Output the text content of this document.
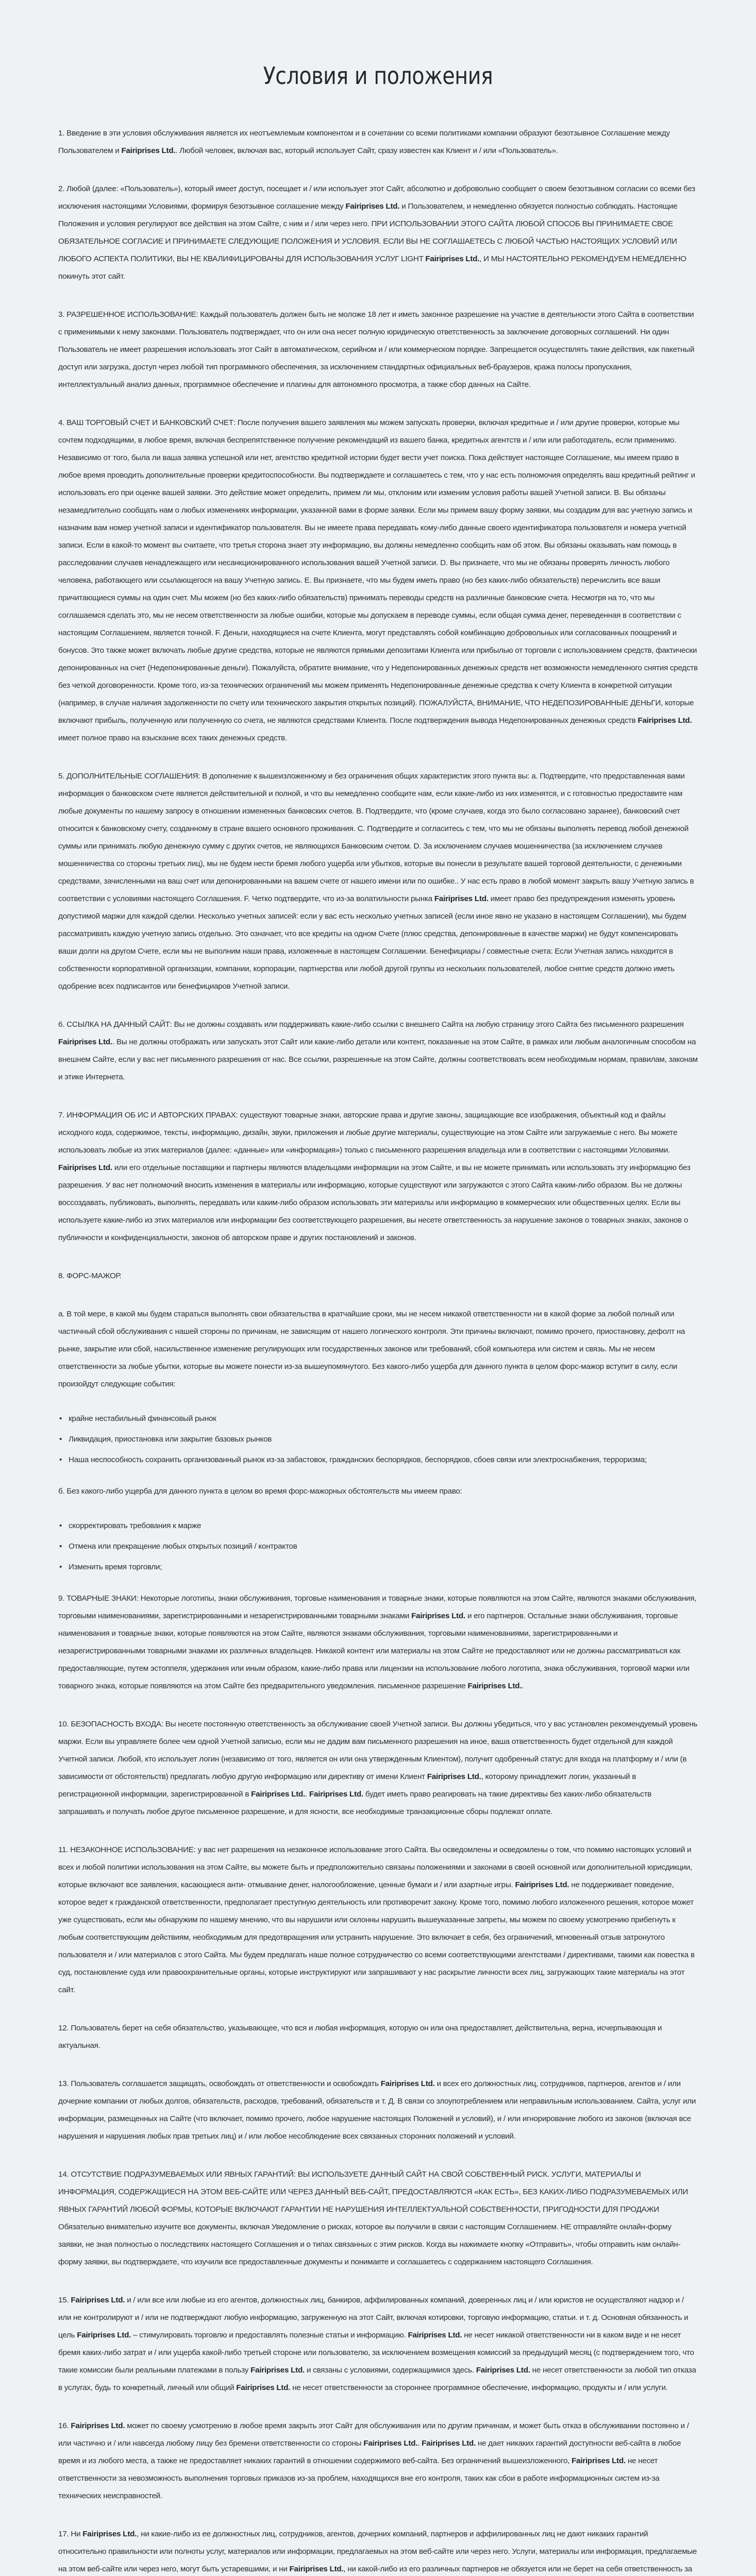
Условия и положения

1. Введение в эти условия обслуживания является их неотъемлемым компонентом и в сочетании со всеми политиками компании образуют безотзывное Соглашение между Пользователем и Fairiprises Ltd.. Любой человек, включая вас, который использует Сайт, сразу известен как Клиент и / или «Пользователь».

2. Любой (далее: «Пользователь»), который имеет доступ, посещает и / или использует этот Сайт, абсолютно и добровольно сообщает о своем безотзывном согласии со всеми без исключения настоящими Условиями, формируя безотзывное соглашение между Fairiprises Ltd. и Пользователем, и немедленно обязуется полностью соблюдать. Настоящие Положения и условия регулируют все действия на этом Сайте, с ним и / или через него. ПРИ ИСПОЛЬЗОВАНИИ ЭТОГО САЙТА ЛЮБОЙ СПОСОБ ВЫ ПРИНИМАЕТЕ СВОЕ ОБЯЗАТЕЛЬНОЕ СОГЛАСИЕ И ПРИНИМАЕТЕ СЛЕДУЮЩИЕ ПОЛОЖЕНИЯ И УСЛОВИЯ. ЕСЛИ ВЫ НЕ СОГЛАШАЕТЕСЬ С ЛЮБОЙ ЧАСТЬЮ НАСТОЯЩИХ УСЛОВИЙ ИЛИ ЛЮБОГО АСПЕКТА ПОЛИТИКИ, ВЫ НЕ КВАЛИФИЦИРОВАНЫ ДЛЯ ИСПОЛЬЗОВАНИЯ УСЛУГ LIGHT Fairiprises Ltd., И МЫ НАСТОЯТЕЛЬНО РЕКОМЕНДУЕМ НЕМЕДЛЕННО покинуть этот сайт.

3. РАЗРЕШЕННОЕ ИСПОЛЬЗОВАНИЕ: Каждый пользователь должен быть не моложе 18 лет и иметь законное разрешение на участие в деятельности этого Сайта в соответствии с применимыми к нему законами. Пользователь подтверждает, что он или она несет полную юридическую ответственность за заключение договорных соглашений. Ни один Пользователь не имеет разрешения использовать этот Сайт в автоматическом, серийном и / или коммерческом порядке. Запрещается осуществлять такие действия, как пакетный доступ или загрузка, доступ через любой тип программного обеспечения, за исключением стандартных официальных веб-браузеров, кража полосы пропускания, интеллектуальный анализ данных, программное обеспечение и плагины для автономного просмотра, а также сбор данных на Сайте.

4. ВАШ ТОРГОВЫЙ СЧЕТ И БАНКОВСКИЙ СЧЕТ: После получения вашего заявления мы можем запускать проверки, включая кредитные и / или другие проверки, которые мы сочтем подходящими, в любое время, включая беспрепятственное получение рекомендаций из вашего банка, кредитных агентств и / или или работодатель, если применимо. Независимо от того, была ли ваша заявка успешной или нет, агентство кредитной истории будет вести учет поиска. Пока действует настоящее Соглашение, мы имеем право в любое время проводить дополнительные проверки кредитоспособности. Вы подтверждаете и соглашаетесь с тем, что у нас есть полномочия определять ваш кредитный рейтинг и использовать его при оценке вашей заявки. Это действие может определить, примем ли мы, отклоним или изменим условия работы вашей Учетной записи. B. Вы обязаны незамедлительно сообщать нам о любых изменениях информации, указанной вами в форме заявки. Если мы примем вашу форму заявки, мы создадим для вас учетную запись и назначим вам номер учетной записи и идентификатор пользователя. Вы не имеете права передавать кому-либо данные своего идентификатора пользователя и номера учетной записи. Если в какой-то момент вы считаете, что третья сторона знает эту информацию, вы должны немедленно сообщить нам об этом. Вы обязаны оказывать нам помощь в расследовании случаев ненадлежащего или несанкционированного использования вашей Учетной записи. D. Вы признаете, что мы не обязаны проверять личность любого человека, работающего или ссылающегося на вашу Учетную запись. E. Вы признаете, что мы будем иметь право (но без каких-либо обязательств) перечислить все ваши причитающиеся суммы на один счет. Мы можем (но без каких-либо обязательств) принимать переводы средств на различные банковские счета. Несмотря на то, что мы соглашаемся сделать это, мы не несем ответственности за любые ошибки, которые мы допускаем в переводе суммы, если общая сумма денег, переведенная в соответствии с настоящим Соглашением, является точной. F. Деньги, находящиеся на счете Клиента, могут представлять собой комбинацию добровольных или согласованных поощрений и бонусов. Это также может включать любые другие средства, которые не являются прямыми депозитами Клиента или прибылью от торговли с использованием средств, фактически депонированных на счет (Недепонированные деньги). Пожалуйста, обратите внимание, что у Недепонированных денежных средств нет возможности немедленного снятия средств без четкой договоренности. Кроме того, из-за технических ограничений мы можем применять Недепонированные денежные средства к счету Клиента в конкретной ситуации (например, в случае наличия задолженности по счету или технического закрытия открытых позиций). ПОЖАЛУЙСТА, ВНИМАНИЕ, ЧТО НЕДЕПОЗИРОВАННЫЕ ДЕНЬГИ, которые включают прибыль, полученную или полученную со счета, не являются средствами Клиента. После подтверждения вывода Недепонированных денежных средств Fairiprises Ltd. имеет полное право на взыскание всех таких денежных средств.

5. ДОПОЛНИТЕЛЬНЫЕ СОГЛАШЕНИЯ: В дополнение к вышеизложенному и без ограничения общих характеристик этого пункта вы: a. Подтвердите, что предоставленная вами информация о банковском счете является действительной и полной, и что вы немедленно сообщите нам, если какие-либо из них изменятся, и с готовностью предоставите нам любые документы по нашему запросу в отношении измененных банковских счетов. B. Подтвердите, что (кроме случаев, когда это было согласовано заранее), банковский счет относится к банковскому счету, созданному в стране вашего основного проживания. C. Подтвердите и согласитесь с тем, что мы не обязаны выполнять перевод любой денежной суммы или принимать любую денежную сумму с других счетов, не являющихся Банковским счетом. D. За исключением случаев мошенничества (за исключением случаев мошенничества со стороны третьих лиц), мы не будем нести бремя любого ущерба или убытков, которые вы понесли в результате вашей торговой деятельности, с денежными средствами, зачисленными на ваш счет или депонированными на вашем счете от нашего имени или по ошибке.. У нас есть право в любой момент закрыть вашу Учетную запись в соответствии с условиями настоящего Соглашения. F. Четко подтвердите, что из-за волатильности рынка Fairiprises Ltd. имеет право без предупреждения изменять уровень допустимой маржи для каждой сделки. Несколько учетных записей: если у вас есть несколько учетных записей (если иное явно не указано в настоящем Соглашении), мы будем рассматривать каждую учетную запись отдельно. Это означает, что все кредиты на одном Счете (плюс средства, депонированные в качестве маржи) не будут компенсировать ваши долги на другом Счете, если мы не выполним наши права, изложенные в настоящем Соглашении. Бенефициары / совместные счета: Если Учетная запись находится в собственности корпоративной организации, компании, корпорации, партнерства или любой другой группы из нескольких пользователей, любое снятие средств должно иметь одобрение всех подписантов или бенефициаров Учетной записи.

6. ССЫЛКА НА ДАННЫЙ САЙТ: Вы не должны создавать или поддерживать какие-либо ссылки с внешнего Сайта на любую страницу этого Сайта без письменного разрешения Fairiprises Ltd.. Вы не должны отображать или запускать этот Сайт или какие-либо детали или контент, показанные на этом Сайте, в рамках или любым аналогичным способом на внешнем Сайте, если у вас нет письменного разрешения от нас. Все ссылки, разрешенные на этом Сайте, должны соответствовать всем необходимым нормам, правилам, законам и этике Интернета.

7. ИНФОРМАЦИЯ ОБ ИС И АВТОРСКИХ ПРАВАХ: существуют товарные знаки, авторские права и другие законы, защищающие все изображения, объектный код и файлы исходного кода, содержимое, тексты, информацию, дизайн, звуки, приложения и любые другие материалы, существующие на этом Сайте или загружаемые с него. Вы можете использовать любые из этих материалов (далее: «данные» или «информация») только с письменного разрешения владельца или в соответствии с настоящими Условиями. Fairiprises Ltd. или его отдельные поставщики и партнеры являются владельцами информации на этом Сайте, и вы не можете принимать или использовать эту информацию без разрешения. У вас нет полномочий вносить изменения в материалы или информацию, которые существуют или загружаются с этого Сайта каким-либо образом. Вы не должны воссоздавать, публиковать, выполнять, передавать или каким-либо образом использовать эти материалы или информацию в коммерческих или общественных целях. Если вы используете какие-либо из этих материалов или информации без соответствующего разрешения, вы несете ответственность за нарушение законов о товарных знаках, законов о публичности и конфиденциальности, законов об авторском праве и других постановлений и законов.

8. ФОРС-МАЖОР.

a. В той мере, в какой мы будем стараться выполнять свои обязательства в кратчайшие сроки, мы не несем никакой ответственности ни в какой форме за любой полный или частичный сбой обслуживания с нашей стороны по причинам, не зависящим от нашего логического контроля. Эти причины включают, помимо прочего, приостановку, дефолт на рынке, закрытие или сбой, насильственное изменение регулирующих или государственных законов или требований, сбой компьютера или систем и связь. Мы не несем ответственности за любые убытки, которые вы можете понести из-за вышеупомянутого. Без какого-либо ущерба для данного пункта в целом форс-мажор вступит в силу, если произойдут следующие события:

• крайне нестабильный финансовый рынок
• Ликвидация, приостановка или закрытие базовых рынков
• Наша неспособность сохранить организованный рынок из-за забастовок, гражданских беспорядков, беспорядков, сбоев связи или электроснабжения, терроризма;

б. Без какого-либо ущерба для данного пункта в целом во время форс-мажорных обстоятельств мы имеем право:

• скорректировать требования к марже
• Отмена или прекращение любых открытых позиций / контрактов
• Изменить время торговли;

9. ТОВАРНЫЕ ЗНАКИ: Некоторые логотипы, знаки обслуживания, торговые наименования и товарные знаки, которые появляются на этом Сайте, являются знаками обслуживания, торговыми наименованиями, зарегистрированными и незарегистрированными товарными знаками Fairiprises Ltd. и его партнеров. Остальные знаки обслуживания, торговые наименования и товарные знаки, которые появляются на этом Сайте, являются знаками обслуживания, торговыми наименованиями, зарегистрированными и незарегистрированными товарными знаками их различных владельцев. Никакой контент или материалы на этом Сайте не предоставляют или не должны рассматриваться как предоставляющие, путем эстоппеля, удержания или иным образом, какие-либо права или лицензии на использование любого логотипа, знака обслуживания, торговой марки или товарного знака, которые появляются на этом Сайте без предварительного уведомления. письменное разрешение Fairiprises Ltd..

10. БЕЗОПАСНОСТЬ ВХОДА: Вы несете постоянную ответственность за обслуживание своей Учетной записи. Вы должны убедиться, что у вас установлен рекомендуемый уровень маржи. Если вы управляете более чем одной Учетной записью, если мы не дадим вам письменного разрешения на иное, ваша ответственность будет отдельной для каждой Учетной записи. Любой, кто использует логин (независимо от того, является он или она утвержденным Клиентом), получит одобренный статус для входа на платформу и / или (в зависимости от обстоятельств) предлагать любую другую информацию или директиву от имени Клиент Fairiprises Ltd., которому принадлежит логин, указанный в регистрационной информации, зарегистрированной в Fairiprises Ltd.. Fairiprises Ltd. будет иметь право реагировать на такие директивы без каких-либо обязательств запрашивать и получать любое другое письменное разрешение, и для ясности, все необходимые транзакционные сборы подлежат оплате.

11. НЕЗАКОННОЕ ИСПОЛЬЗОВАНИЕ: у вас нет разрешения на незаконное использование этого Сайта. Вы осведомлены и осведомлены о том, что помимо настоящих условий и всех и любой политики использования на этом Сайте, вы можете быть и предположительно связаны положениями и законами в своей основной или дополнительной юрисдикции, которые включают все заявления, касающиеся анти- отмывание денег, налогообложение, ценные бумаги и / или азартные игры. Fairiprises Ltd. не поддерживает поведение, которое ведет к гражданской ответственности, предполагает преступную деятельность или противоречит закону. Кроме того, помимо любого изложенного решения, которое может уже существовать, если мы обнаружим по нашему мнению, что вы нарушили или склонны нарушить вышеуказанные запреты, мы можем по своему усмотрению прибегнуть к любым соответствующим действиям, необходимым для предотвращения или устранить нарушение. Это включает в себя, без ограничений, мгновенный отзыв затронутого пользователя и / или материалов с этого Сайта. Мы будем предлагать наше полное сотрудничество со всеми соответствующими агентствами / директивами, такими как повестка в суд, постановление суда или правоохранительные органы, которые инструктируют или запрашивают у нас раскрытие личности всех лиц, загружающих такие материалы на этот сайт.

12. Пользователь берет на себя обязательство, указывающее, что вся и любая информация, которую он или она предоставляет, действительна, верна, исчерпывающая и актуальная.

13. Пользователь соглашается защищать, освобождать от ответственности и освобождать Fairiprises Ltd. и всех его должностных лиц, сотрудников, партнеров, агентов и / или дочерние компании от любых долгов, обязательств, расходов, требований, обязательств и т. Д. В связи со злоупотреблением или неправильным использованием. Сайта, услуг или информации, размещенных на Сайте (что включает, помимо прочего, любое нарушение настоящих Положений и условий), и / или игнорирование любого из законов (включая все нарушения и нарушения любых прав третьих лиц) и / или любое несоблюдение всех связанных сторонних положений и условий.

14. ОТСУТСТВИЕ ПОДРАЗУМЕВАЕМЫХ ИЛИ ЯВНЫХ ГАРАНТИЙ: ВЫ ИСПОЛЬЗУЕТЕ ДАННЫЙ САЙТ НА СВОЙ СОБСТВЕННЫЙ РИСК. УСЛУГИ, МАТЕРИАЛЫ И ИНФОРМАЦИЯ, СОДЕРЖАЩИЕСЯ НА ЭТОМ ВЕБ-САЙТЕ ИЛИ ЧЕРЕЗ ДАННЫЙ ВЕБ-САЙТ, ПРЕДОСТАВЛЯЮТСЯ «КАК ЕСТЬ», БЕЗ КАКИХ-ЛИБО ПОДРАЗУМЕВАЕМЫХ ИЛИ ЯВНЫХ ГАРАНТИЙ ЛЮБОЙ ФОРМЫ, КОТОРЫЕ ВКЛЮЧАЮТ ГАРАНТИИ НЕ НАРУШЕНИЯ ИНТЕЛЛЕКТУАЛЬНОЙ СОБСТВЕННОСТИ, ПРИГОДНОСТИ ДЛЯ ПРОДАЖИ Обязательно внимательно изучите все документы, включая Уведомление о рисках, которое вы получили в связи с настоящим Соглашением. НЕ отправляйте онлайн-форму заявки, не зная полностью о последствиях настоящего Соглашения и о типах связанных с этим рисков. Когда вы нажимаете кнопку «Отправить», чтобы отправить нам онлайн-форму заявки, вы подтверждаете, что изучили все предоставленные документы и понимаете и соглашаетесь с содержанием настоящего Соглашения.

15. Fairiprises Ltd. и / или все или любые из его агентов, должностных лиц, банкиров, аффилированных компаний, доверенных лиц и / или юристов не осуществляют надзор и / или не контролируют и / или не подтверждают любую информацию, загруженную на этот Сайт, включая котировки, торговую информацию, статьи. и т. д. Основная обязанность и цель Fairiprises Ltd. – стимулировать торговлю и предоставлять полезные статьи и информацию. Fairiprises Ltd. не несет никакой ответственности ни в каком виде и не несет бремя каких-либо затрат и / или ущерба какой-либо третьей стороне или пользователю, за исключением возмещения комиссий за предыдущий месяц (с подтверждением того, что такие комиссии были реальными платежами в пользу Fairiprises Ltd. и связаны с условиями, содержащимися здесь. Fairiprises Ltd. не несет ответственности за любой тип отказа в услугах, будь то конкретный, личный или общий Fairiprises Ltd. не несет ответственности за стороннее программное обеспечение, информацию, продукты и / или услуги.

16. Fairiprises Ltd. может по своему усмотрению в любое время закрыть этот Сайт для обслуживания или по другим причинам, и может быть отказ в обслуживании постоянно и / или частично и / или навсегда любому лицу без бремени ответственности со стороны Fairiprises Ltd.. Fairiprises Ltd. не дает никаких гарантий доступности веб-сайта в любое время и из любого места, а также не предоставляет никаких гарантий в отношении содержимого веб-сайта. Без ограничений вышеизложенного, Fairiprises Ltd. не несет ответственности за невозможность выполнения торговых приказов из-за проблем, находящихся вне его контроля, таких как сбои в работе информационных систем из-за технических неисправностей.

17. Ни Fairiprises Ltd., ни какие-либо из ее должностных лиц, сотрудников, агентов, дочерних компаний, партнеров и аффилированных лиц не дают никаких гарантий относительно правильности или полноты услуг, материалов или информации, предлагаемых на этом веб-сайте или через него. Услуги, материалы или информация, предлагаемые на этом веб-сайте или через него, могут быть устаревшими, и ни Fairiprises Ltd., ни какой-либо из его различных партнеров не обязуется или не берет на себя ответственность за
